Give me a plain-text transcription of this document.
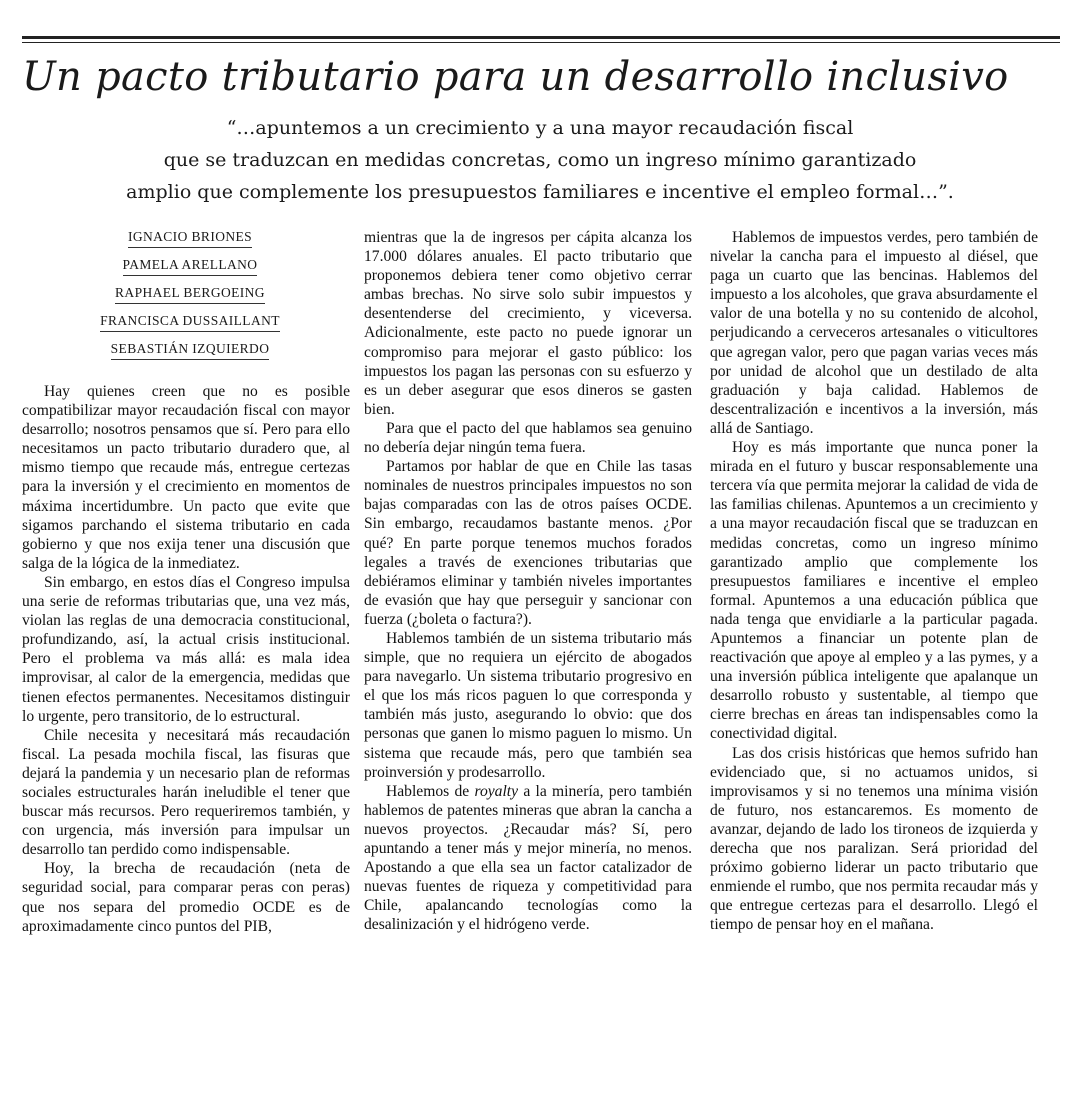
Un pacto tributario para un desarrollo inclusivo
“…apuntemos a un crecimiento y a una mayor recaudación fiscal
que se traduzcan en medidas concretas, como un ingreso mínimo garantizado
amplio que complemente los presupuestos familiares e incentive el empleo formal…”.
IGNACIO BRIONES
PAMELA ARELLANO
RAPHAEL BERGOEING
FRANCISCA DUSSAILLANT
SEBASTIÁN IZQUIERDO

Hay quienes creen que no es posible compatibilizar mayor recaudación fiscal con mayor desarrollo; nosotros pensamos que sí. Pero para ello necesitamos un pacto tributario duradero que, al mismo tiempo que recaude más, entregue certezas para la inversión y el crecimiento en momentos de máxima incertidumbre. Un pacto que evite que sigamos parchando el sistema tributario en cada gobierno y que nos exija tener una discusión que salga de la lógica de la inmediatez.

Sin embargo, en estos días el Congreso impulsa una serie de reformas tributarias que, una vez más, violan las reglas de una democracia constitucional, profundizando, así, la actual crisis institucional. Pero el problema va más allá: es mala idea improvisar, al calor de la emergencia, medidas que tienen efectos permanentes. Necesitamos distinguir lo urgente, pero transitorio, de lo estructural.

Chile necesita y necesitará más recaudación fiscal. La pesada mochila fiscal, las fisuras que dejará la pandemia y un necesario plan de reformas sociales estructurales harán ineludible el tener que buscar más recursos. Pero requeriremos también, y con urgencia, más inversión para impulsar un desarrollo tan perdido como indispensable.

Hoy, la brecha de recaudación (neta de seguridad social, para comparar peras con peras) que nos separa del promedio OCDE es de aproximadamente cinco puntos del PIB,

mientras que la de ingresos per cápita alcanza los 17.000 dólares anuales. El pacto tributario que proponemos debiera tener como objetivo cerrar ambas brechas. No sirve solo subir impuestos y desentenderse del crecimiento, y viceversa. Adicionalmente, este pacto no puede ignorar un compromiso para mejorar el gasto público: los impuestos los pagan las personas con su esfuerzo y es un deber asegurar que esos dineros se gasten bien.

Para que el pacto del que hablamos sea genuino no debería dejar ningún tema fuera.

Partamos por hablar de que en Chile las tasas nominales de nuestros principales impuestos no son bajas comparadas con las de otros países OCDE. Sin embargo, recaudamos bastante menos. ¿Por qué? En parte porque tenemos muchos forados legales a través de exenciones tributarias que debiéramos eliminar y también niveles importantes de evasión que hay que perseguir y sancionar con fuerza (¿boleta o factura?).

Hablemos también de un sistema tributario más simple, que no requiera un ejército de abogados para navegarlo. Un sistema tributario progresivo en el que los más ricos paguen lo que corresponda y también más justo, asegurando lo obvio: que dos personas que ganen lo mismo paguen lo mismo. Un sistema que recaude más, pero que también sea proinversión y prodesarrollo.

Hablemos de royalty a la minería, pero también hablemos de patentes mineras que abran la cancha a nuevos proyectos. ¿Recaudar más? Sí, pero apuntando a tener más y mejor minería, no menos. Apostando a que ella sea un factor catalizador de nuevas fuentes de riqueza y competitividad para Chile, apalancando tecnologías como la desalinización y el hidrógeno verde.

Hablemos de impuestos verdes, pero también de nivelar la cancha para el impuesto al diésel, que paga un cuarto que las bencinas. Hablemos del impuesto a los alcoholes, que grava absurdamente el valor de una botella y no su contenido de alcohol, perjudicando a cerveceros artesanales o viticultores que agregan valor, pero que pagan varias veces más por unidad de alcohol que un destilado de alta graduación y baja calidad. Hablemos de descentralización e incentivos a la inversión, más allá de Santiago.

Hoy es más importante que nunca poner la mirada en el futuro y buscar responsablemente una tercera vía que permita mejorar la calidad de vida de las familias chilenas. Apuntemos a un crecimiento y a una mayor recaudación fiscal que se traduzcan en medidas concretas, como un ingreso mínimo garantizado amplio que complemente los presupuestos familiares e incentive el empleo formal. Apuntemos a una educación pública que nada tenga que envidiarle a la particular pagada. Apuntemos a financiar un potente plan de reactivación que apoye al empleo y a las pymes, y a una inversión pública inteligente que apalanque un desarrollo robusto y sustentable, al tiempo que cierre brechas en áreas tan indispensables como la conectividad digital.

Las dos crisis históricas que hemos sufrido han evidenciado que, si no actuamos unidos, si improvisamos y si no tenemos una mínima visión de futuro, nos estancaremos. Es momento de avanzar, dejando de lado los tironeos de izquierda y derecha que nos paralizan. Será prioridad del próximo gobierno liderar un pacto tributario que enmiende el rumbo, que nos permita recaudar más y que entregue certezas para el desarrollo. Llegó el tiempo de pensar hoy en el mañana.
